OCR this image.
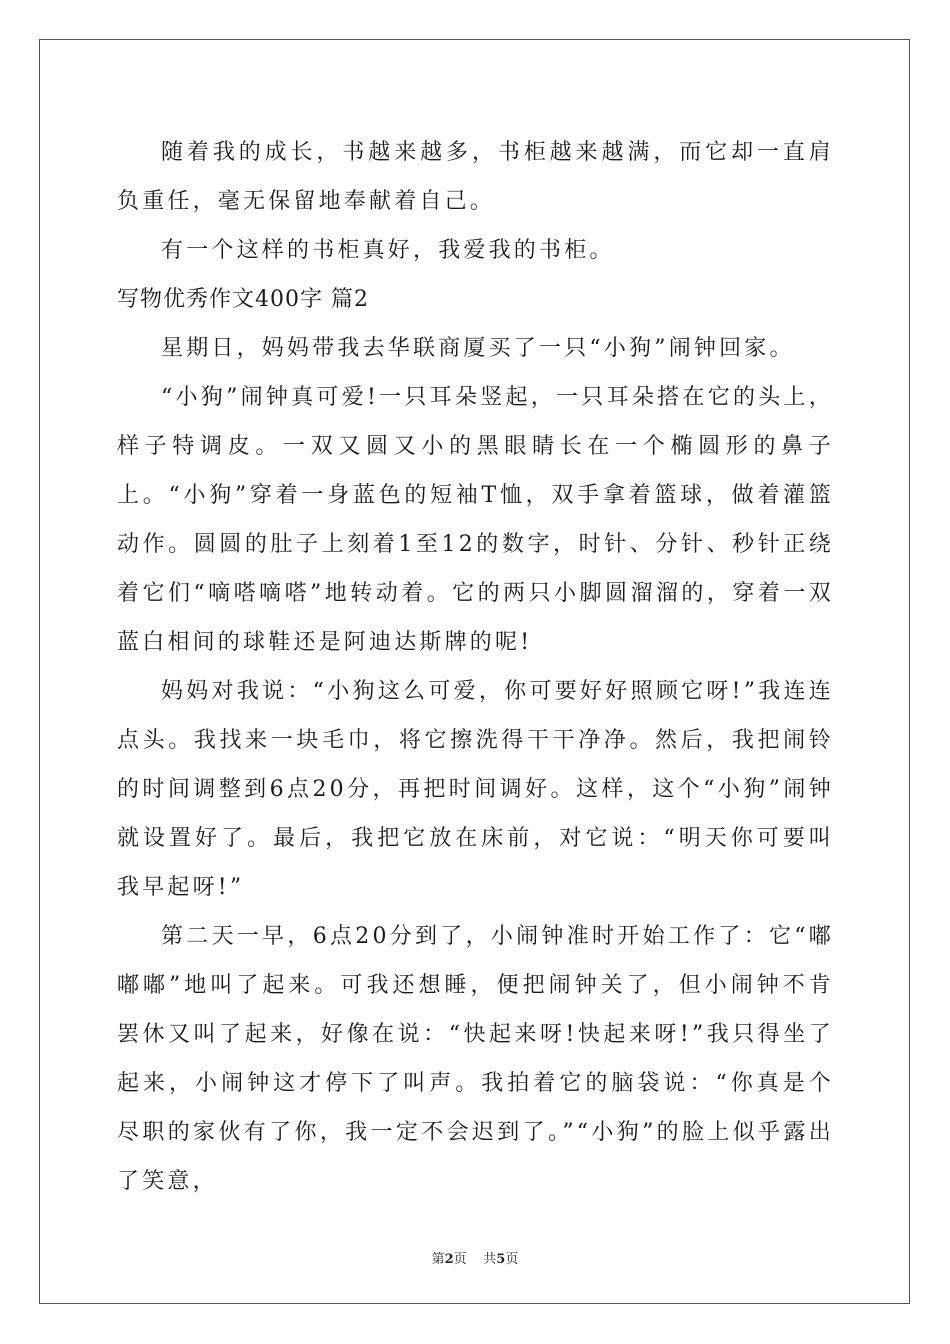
随着我的成长，书越来越多，书柜越来越满，而它却一直肩负重任，毫无保留地奉献着自己。

有一个这样的书柜真好，我爱我的书柜。

写物优秀作文400字 篇2

星期日，妈妈带我去华联商厦买了一只“小狗”闹钟回家。

“小狗”闹钟真可爱!一只耳朵竖起，一只耳朵搭在它的头上，样子特调皮。一双又圆又小的黑眼睛长在一个椭圆形的鼻子上。“小狗”穿着一身蓝色的短袖T恤，双手拿着篮球，做着灌篮动作。圆圆的肚子上刻着1至12的数字，时针、分针、秒针正绕着它们“嘀嗒嘀嗒”地转动着。它的两只小脚圆溜溜的，穿着一双蓝白相间的球鞋还是阿迪达斯牌的呢!

妈妈对我说：“小狗这么可爱，你可要好好照顾它呀!”我连连点头。我找来一块毛巾，将它擦洗得干干净净。然后，我把闹铃的时间调整到6点20分，再把时间调好。这样，这个“小狗”闹钟就设置好了。最后，我把它放在床前，对它说：“明天你可要叫我早起呀!”

第二天一早，6点20分到了，小闹钟准时开始工作了：它“嘟嘟嘟”地叫了起来。可我还想睡，便把闹钟关了，但小闹钟不肯罢休又叫了起来，好像在说：“快起来呀!快起来呀!”我只得坐了起来，小闹钟这才停下了叫声。我拍着它的脑袋说：“你真是个尽职的家伙有了你，我一定不会迟到了。”“小狗”的脸上似乎露出了笑意，

第2页 共5页
